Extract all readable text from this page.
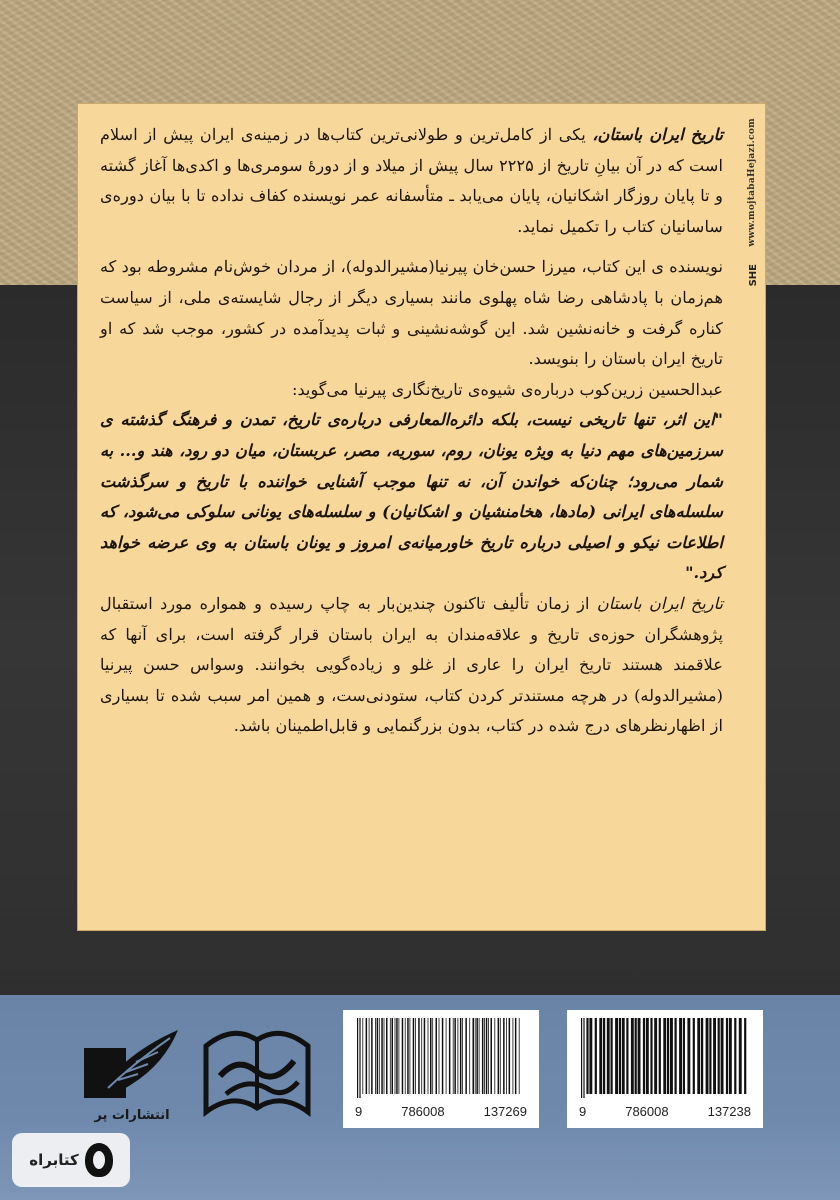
www.mojtabaHejazi.com
SHE

تاریخ ایران باستان، یکی از کامل‌ترین و طولانی‌ترین کتاب‌ها در زمینه‌ی ایران پیش از اسلام است که در آن بیانِ تاریخ از ۲۲۲۵ سال پیش از میلاد و از دورهٔ سومری‌ها و اکدی‌ها آغاز گشته و تا پایان روزگار اشکانیان، پایان می‌یابد ـ متأسفانه عمر نویسنده کفاف نداده تا با بیان دوره‌ی ساسانیان کتاب را تکمیل نماید.

نویسنده ی این کتاب، میرزا حسن‌خان پیرنیا(مشیرالدوله)، از مردان خوش‌نام مشروطه بود که هم‌زمان با پادشاهی رضا شاه پهلوی مانند بسیاری دیگر از رجال شایسته‌ی ملی، از سیاست کناره گرفت و خانه‌نشین شد. این گوشه‌نشینی و ثبات پدیدآمده در کشور، موجب شد که او تاریخ ایران باستان را بنویسد.

عبدالحسین زرین‌کوب درباره‌ی شیوه‌ی تاریخ‌نگاری پیرنیا می‌گوید:

"این اثر، تنها تاریخی نیست، بلکه دائره‌المعارفی درباره‌ی تاریخ، تمدن و فرهنگ گذشته ی سرزمین‌های مهم دنیا به ویژه یونان، روم، سوریه، مصر، عربستان، میان دو رود، هند و... به شمار می‌رود؛ چنان‌که خواندن آن، نه تنها موجب آشنایی خواننده با تاریخ و سرگذشت سلسله‌های ایرانی (مادها، هخامنشیان و اشکانیان) و سلسله‌های یونانی سلوکی می‌شود، که اطلاعات نیکو و اصیلی درباره تاریخ خاورمیانه‌ی امروز و یونان باستان به وی عرضه خواهد کرد."

تاریخ ایران باستان از زمان تألیف تاکنون چندین‌بار به چاپ رسیده و همواره مورد استقبال پژوهشگران حوزه‌ی تاریخ و علاقه‌مندان به ایران باستان قرار گرفته است، برای آنها که علاقمند هستند تاریخ ایران را عاری از غلو و زیاده‌گویی بخوانند. وسواس حسن پیرنیا (مشیرالدوله) در هرچه مستندتر کردن کتاب، ستودنی‌ست، و همین امر سبب شده تا بسیاری از اظهارنظرهای درج شده در کتاب، بدون بزرگنمایی و قابل‌اطمینان باشد.

9	786008	137269	9	786008	137238
انتشارات پر
کتابراه
